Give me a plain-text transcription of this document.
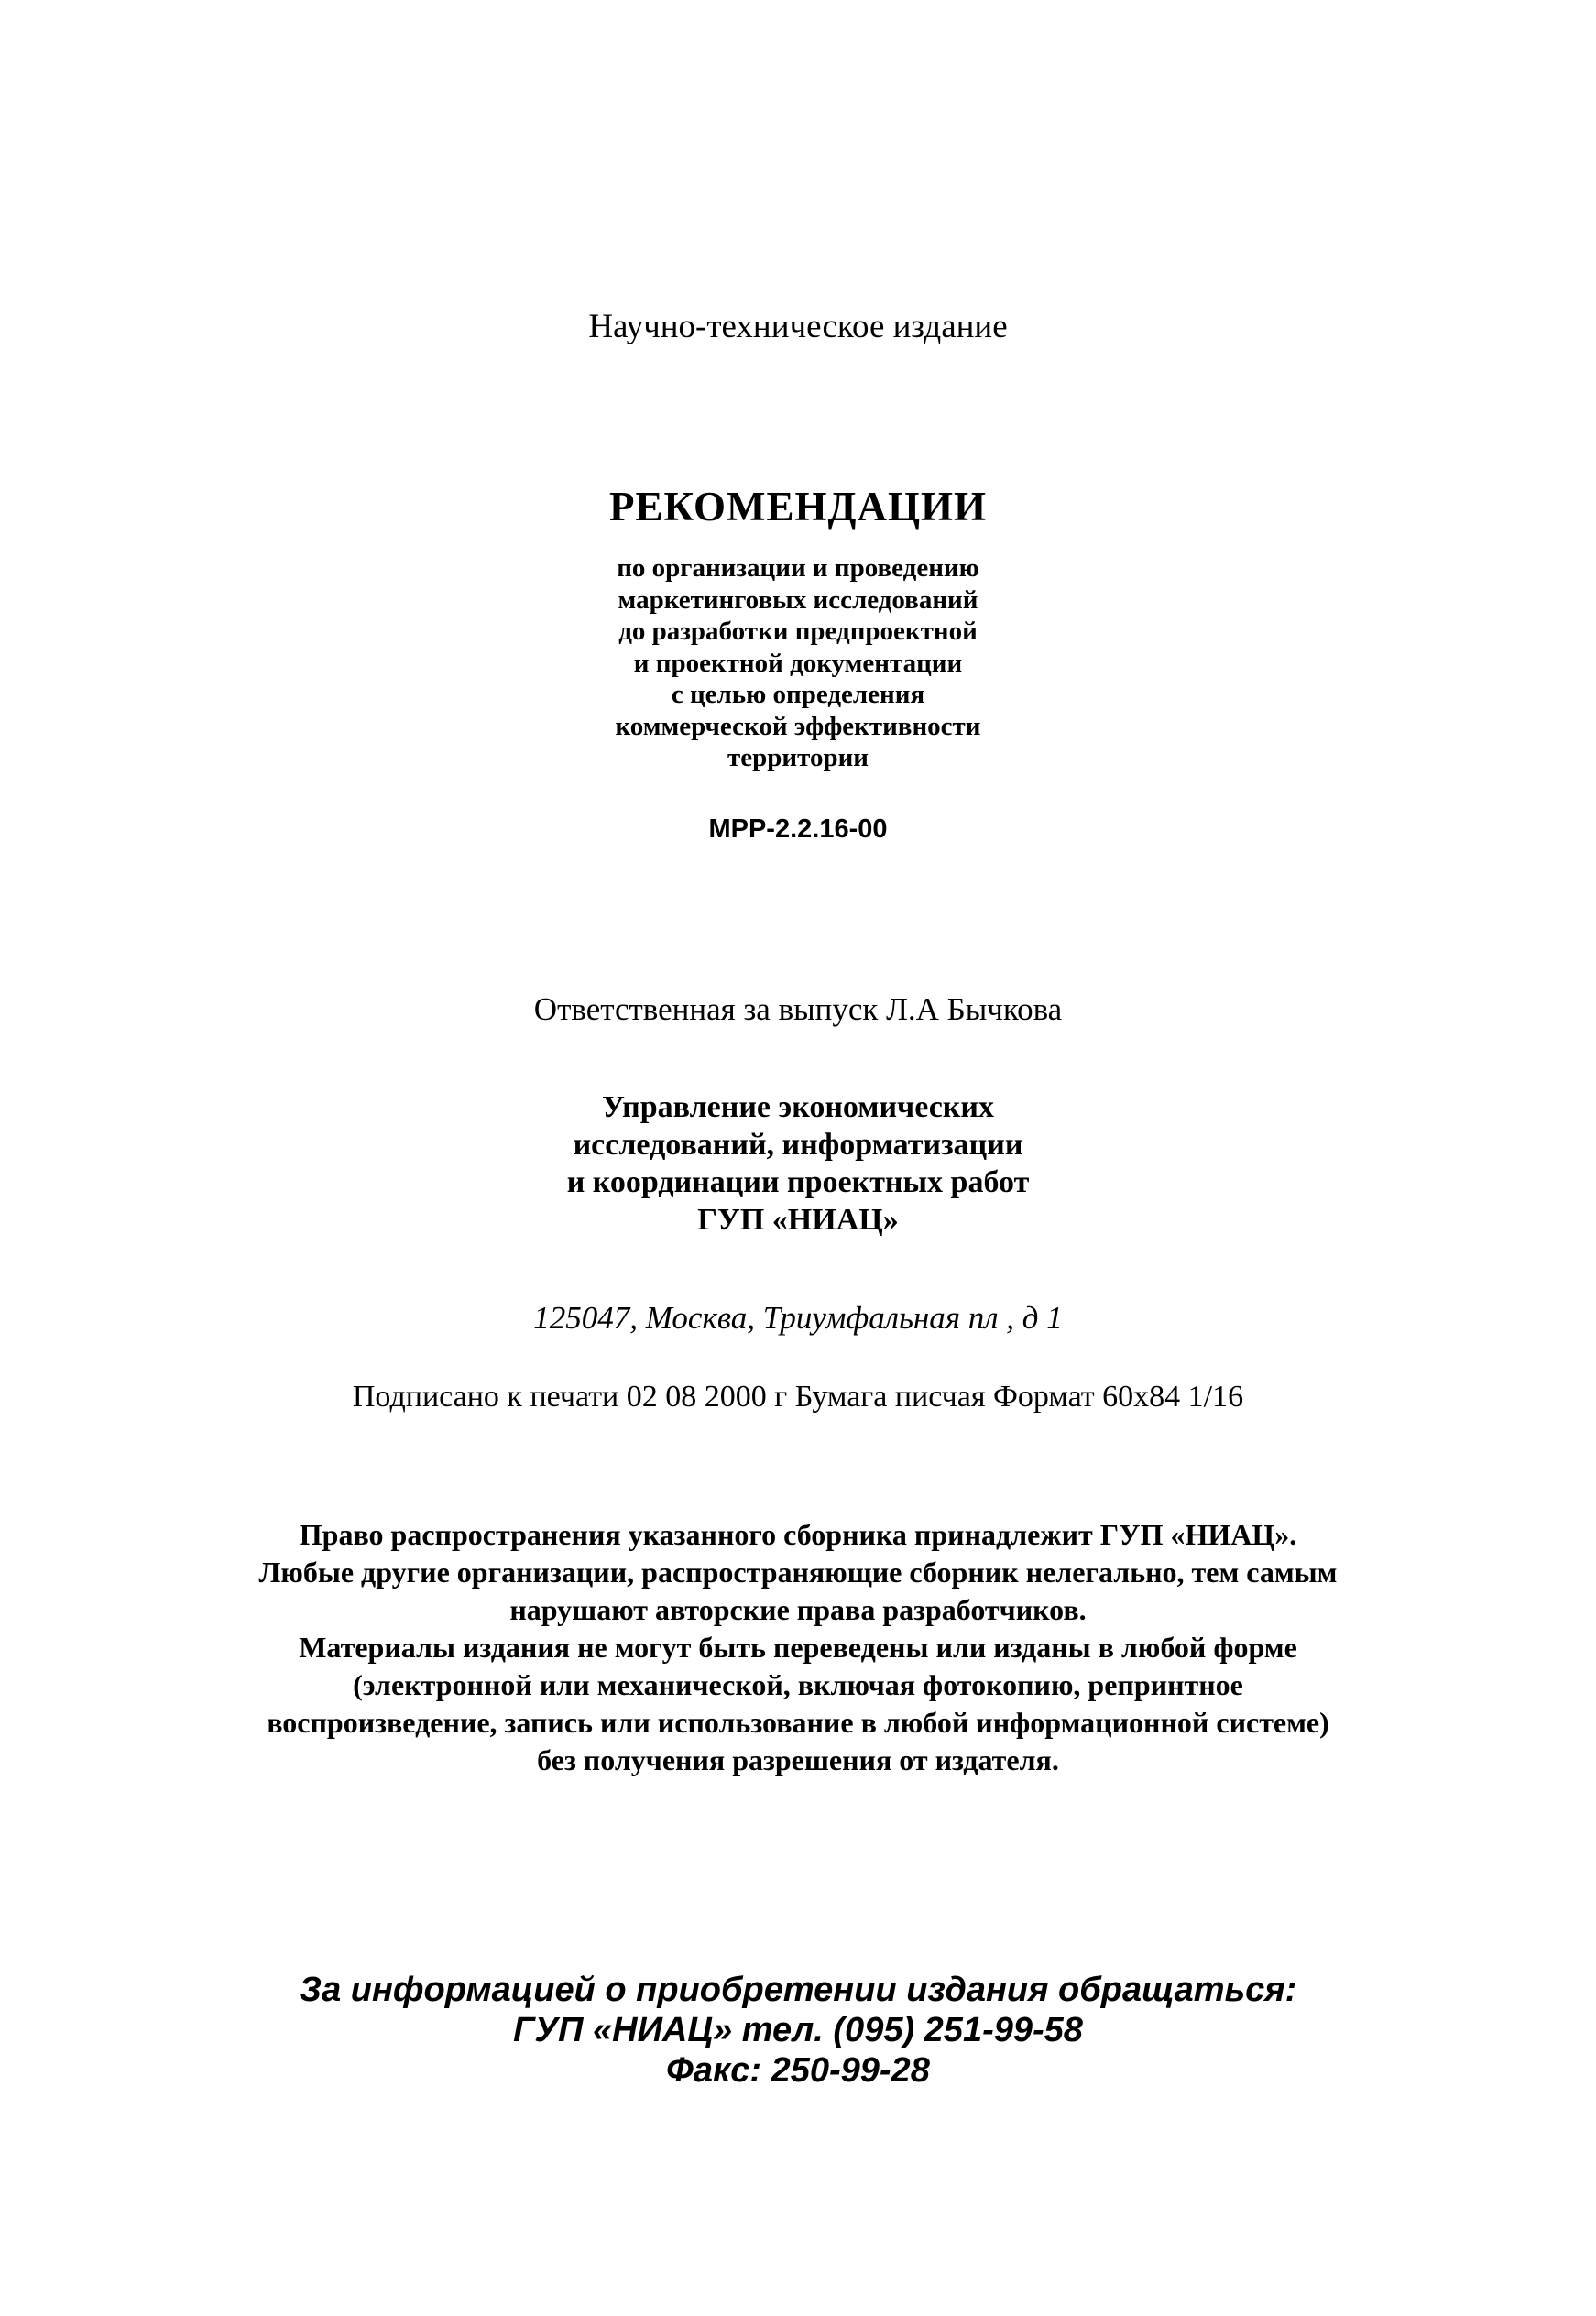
Научно-техническое издание
РЕКОМЕНДАЦИИ
по организации и проведению
маркетинговых исследований
до разработки предпроектной
и проектной документации
с целью определения
коммерческой эффективности
территории
МРР-2.2.16-00
Ответственная за выпуск Л.А Бычкова
Управление экономических
исследований, информатизации
и координации проектных работ
ГУП «НИАЦ»
125047, Москва, Триумфальная пл , д 1
Подписано к печати 02 08 2000 г Бумага писчая Формат 60x84 1/16
Право распространения указанного сборника принадлежит ГУП «НИАЦ».
Любые другие организации, распространяющие сборник нелегально, тем самым
нарушают авторские права разработчиков.
Материалы издания не могут быть переведены или изданы в любой форме
(электронной или механической, включая фотокопию, репринтное
воспроизведение, запись или использование в любой информационной системе)
без получения разрешения от издателя.
За информацией о приобретении издания обращаться:
ГУП «НИАЦ» тел. (095) 251-99-58
Факс: 250-99-28
